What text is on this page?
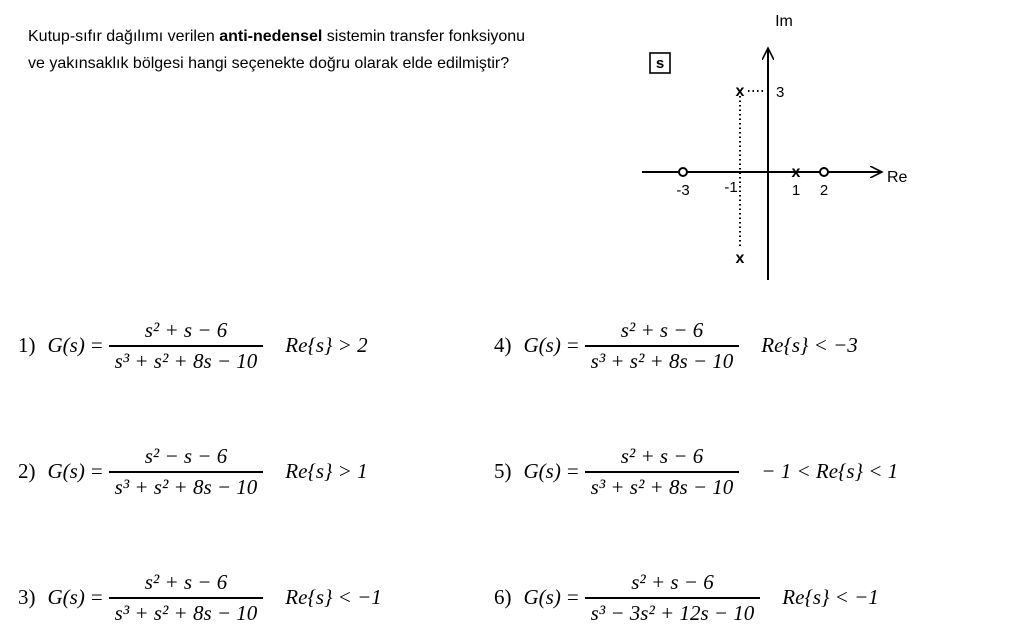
Kutup-sıfır dağılımı verilen anti-nedensel sistemin transfer fonksiyonu
ve yakınsaklık bölgesi hangi seçenekte doğru olarak elde edilmiştir?	s
Im
Re
3
-3 -1	1 2
x
x
x
1) $G(s) = \frac{\text{s² + s − 6}}{\text{s³ + s² + 8s − 10}} Re\{s\} > 2$
2) $G(s) = \frac{\text{s² − s − 6}}{\text{s³ + s² + 8s − 10}} Re\{s\} > 1$
3) $G(s) = \frac{\text{s² + s − 6}}{\text{s³ + s² + 8s − 10}} Re\{s\} < -1$
4) $G(s) = \frac{\text{s² + s − 6}}{\text{s³ + s² + 8s − 10}} Re\{s\} < -3$
5) $G(s) = \frac{\text{s² + s − 6}}{\text{s³ + s² + 8s − 10}} - 1 < Re\{s\} < 1$
6) $G(s) = \frac{\text{s² + s − 6}}{\text{s³ − 3s² + 12s − 10}} Re\{s\} < -1$
